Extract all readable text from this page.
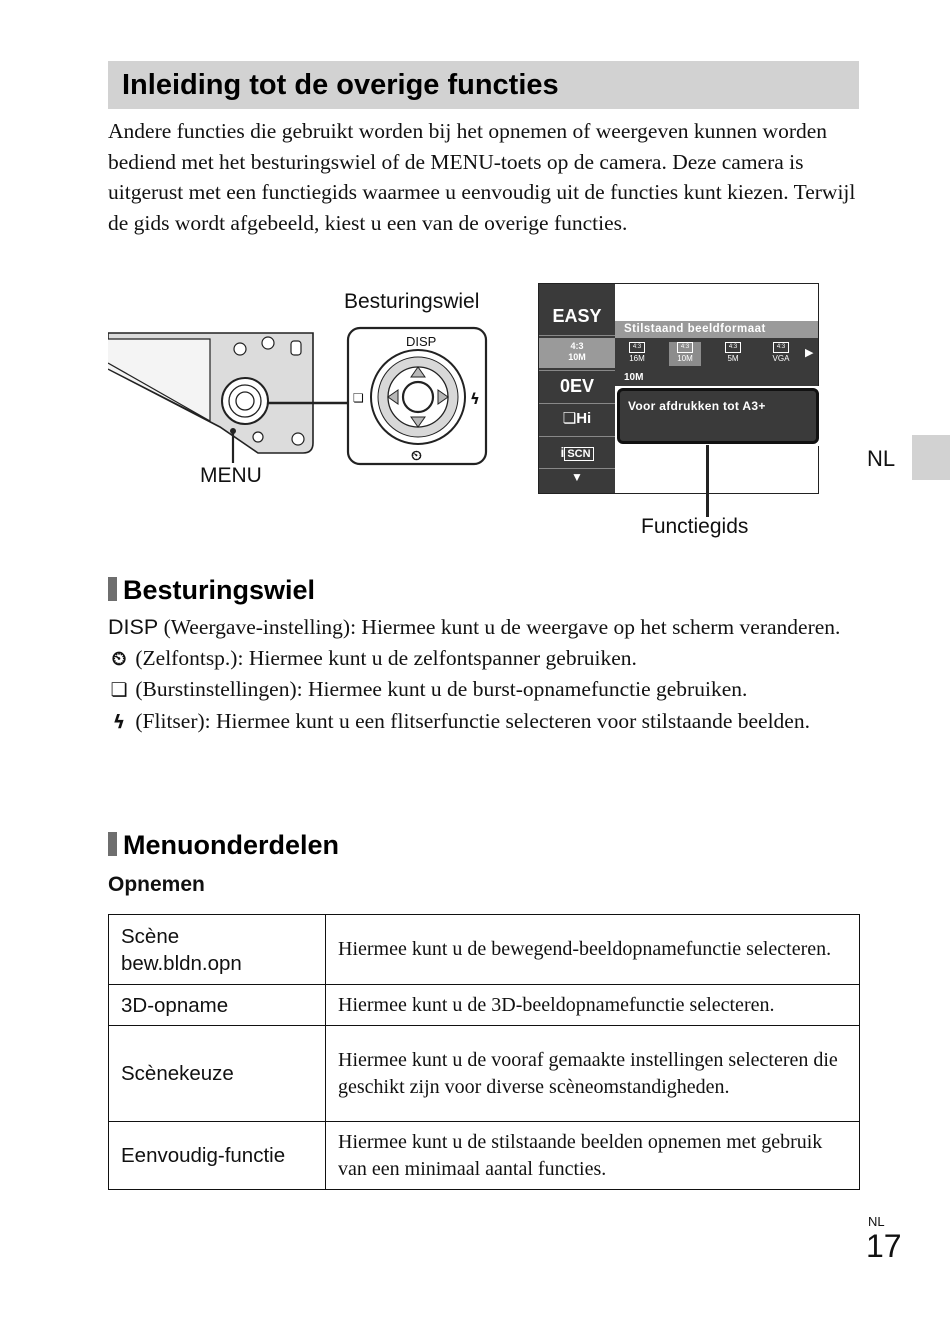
Inleiding tot de overige functies
Andere functies die gebruikt worden bij het opnemen of weergeven kunnen worden bediend met het besturingswiel of de MENU-toets op de camera. Deze camera is uitgerust met een functiegids waarmee u eenvoudig uit de functies kunt kiezen. Terwijl de gids wordt afgebeeld, kiest u een van de overige functies.
DISP
❏	ϟ
⏲
Besturingswiel
MENU
EASY
4:3
10M
0EV
❏Hi
i SCN
▼
Stilstaand beeldformaat
4:3
16M
4:3
10M
4:3
5M
4:3
VGA	▶
10M
Voor afdrukken tot A3+
Functiegids
NL
Besturingswiel
DISP (Weergave-instelling): Hiermee kunt u de weergave op het scherm veranderen.
⏲ (Zelfontsp.): Hiermee kunt u de zelfontspanner gebruiken.
❏ (Burstinstellingen): Hiermee kunt u de burst-opnamefunctie gebruiken.
ϟ (Flitser): Hiermee kunt u een flitserfunctie selecteren voor stilstaande beelden.
Menuonderdelen
Opnemen
Scène
bew.bldn.opn	Hiermee kunt u de bewegend-beeldopnamefunctie selecteren.
3D-opname	Hiermee kunt u de 3D-beeldopnamefunctie selecteren.
Scènekeuze	Hiermee kunt u de vooraf gemaakte instellingen selecteren die geschikt zijn voor diverse scèneomstandigheden.
Eenvoudig-functie	Hiermee kunt u de stilstaande beelden opnemen met gebruik van een minimaal aantal functies.
NL
17
